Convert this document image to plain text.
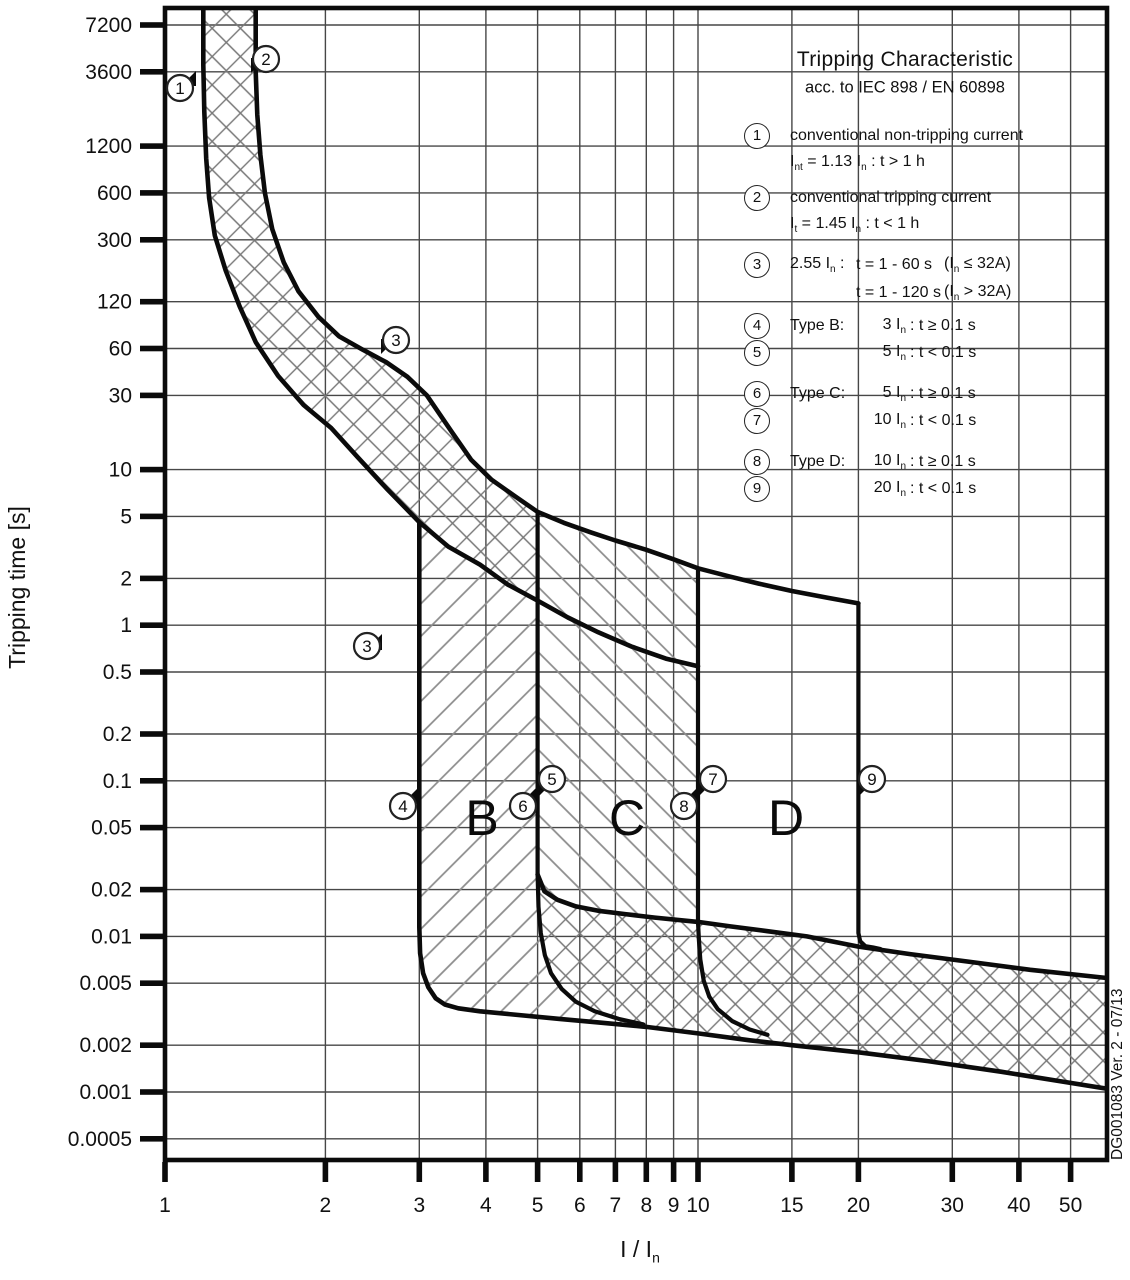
7200
3600
1200
600
300
120
60
30
10
5
2
1
0.5
0.2
0.1
0.05
0.02
0.01
0.005
0.002
0.001
0.0005
1	2	3	4 5 6 7 8 9 10	15 20	30 40 50
B C D
1
2
3
3
4
5
6
7
8
9
Tripping Characteristic
acc. to IEC 898 / EN 60898
1	conventional non-tripping current
$I_{nt} = 1.13$ $I_n$ : t > 1 h
2	conventional tripping current
$I_t = 1.45$ $I_n$ : t < 1 h
3	2.55 $I_n$ : t = 1 - 60 s $(I_n \le 32A)$
t = 1 - 120 s $(I_n > 32A)$
4
5
Type B:	3 $I_n$ : t ≥ 0.1 s
5 $I_n$ : t < 0.1 s
6
7
Type C:	5 $I_n$ : t ≥ 0.1 s
10 $I_n$ : t < 0.1 s
8
9
Type D:	10 $I_n$ : t ≥ 0.1 s
20 $I_n$ : t < 0.1 s
Tripping time [s]
I / $I_n$
DG001083 Ver. 2 - 07/13
